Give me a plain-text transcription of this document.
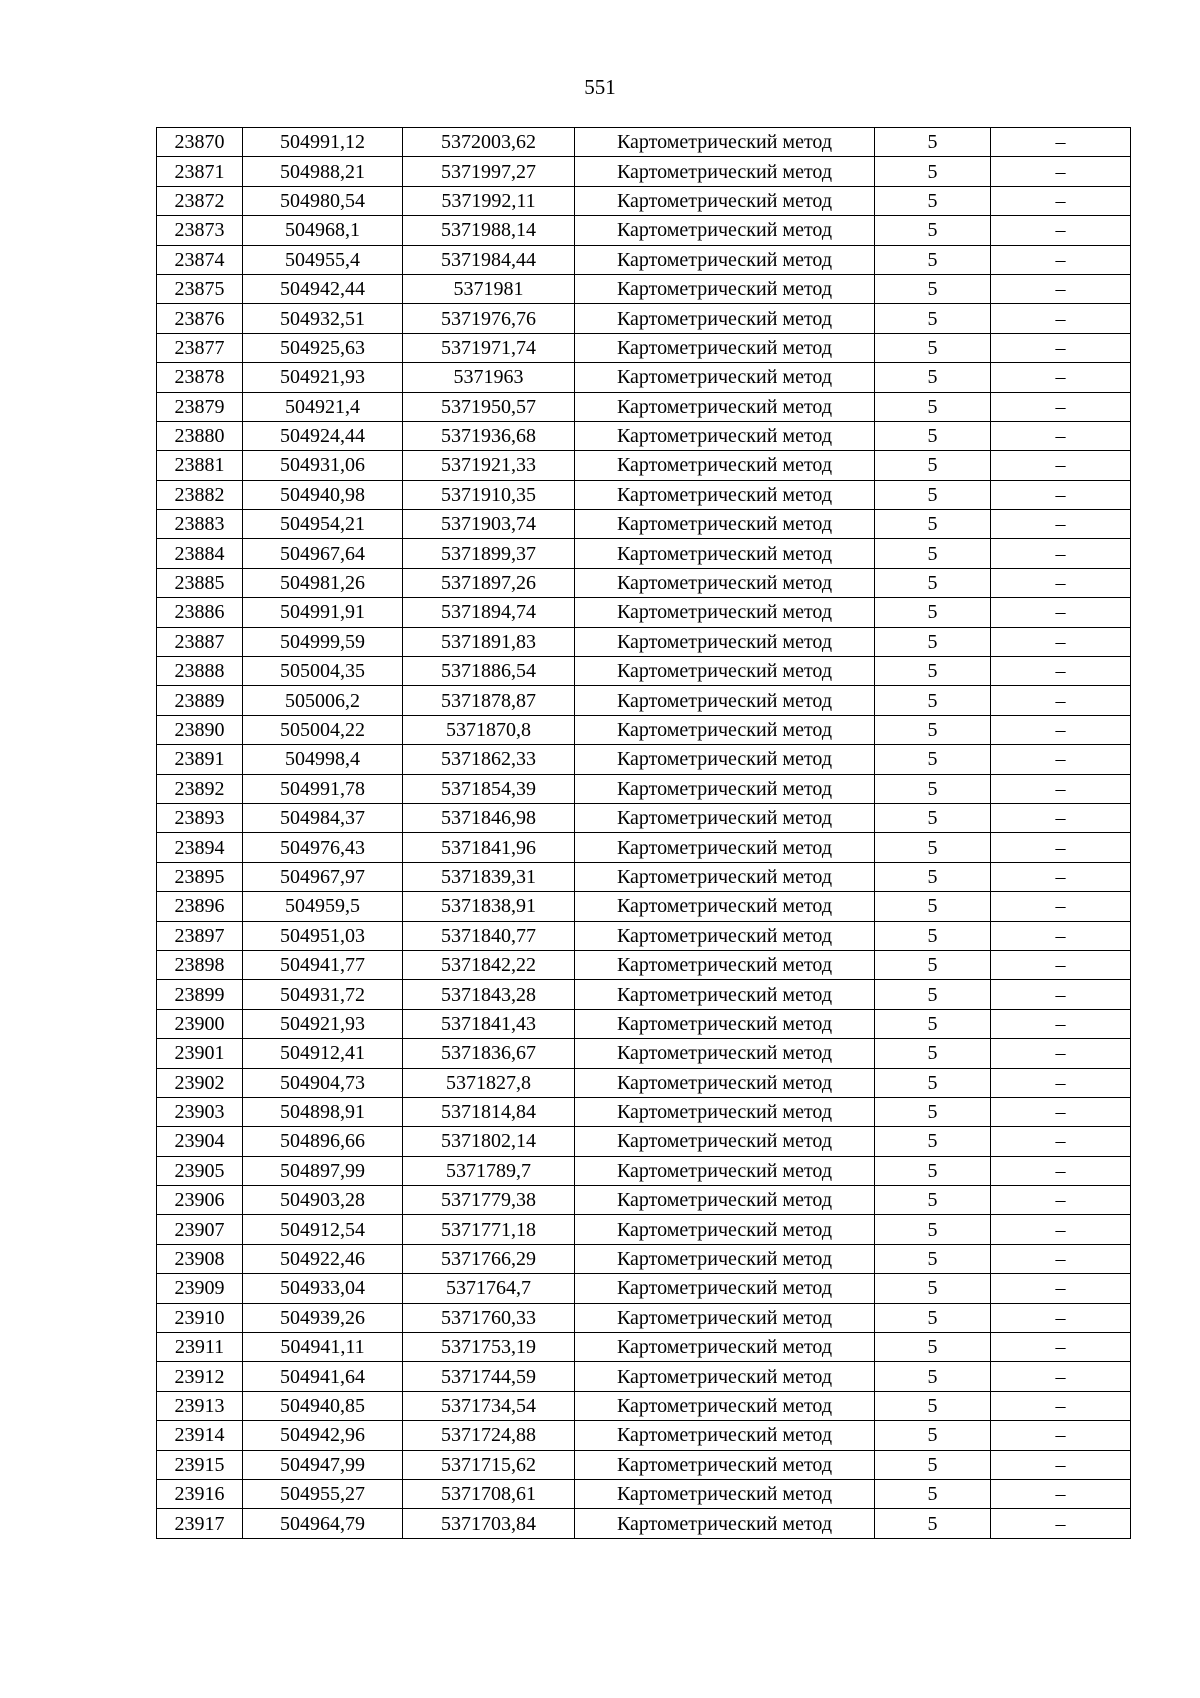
551
23870	504991,12	5372003,62	Картометрический метод	5	–
23871	504988,21	5371997,27	Картометрический метод	5	–
23872	504980,54	5371992,11	Картометрический метод	5	–
23873	504968,1	5371988,14	Картометрический метод	5	–
23874	504955,4	5371984,44	Картометрический метод	5	–
23875	504942,44	5371981	Картометрический метод	5	–
23876	504932,51	5371976,76	Картометрический метод	5	–
23877	504925,63	5371971,74	Картометрический метод	5	–
23878	504921,93	5371963	Картометрический метод	5	–
23879	504921,4	5371950,57	Картометрический метод	5	–
23880	504924,44	5371936,68	Картометрический метод	5	–
23881	504931,06	5371921,33	Картометрический метод	5	–
23882	504940,98	5371910,35	Картометрический метод	5	–
23883	504954,21	5371903,74	Картометрический метод	5	–
23884	504967,64	5371899,37	Картометрический метод	5	–
23885	504981,26	5371897,26	Картометрический метод	5	–
23886	504991,91	5371894,74	Картометрический метод	5	–
23887	504999,59	5371891,83	Картометрический метод	5	–
23888	505004,35	5371886,54	Картометрический метод	5	–
23889	505006,2	5371878,87	Картометрический метод	5	–
23890	505004,22	5371870,8	Картометрический метод	5	–
23891	504998,4	5371862,33	Картометрический метод	5	–
23892	504991,78	5371854,39	Картометрический метод	5	–
23893	504984,37	5371846,98	Картометрический метод	5	–
23894	504976,43	5371841,96	Картометрический метод	5	–
23895	504967,97	5371839,31	Картометрический метод	5	–
23896	504959,5	5371838,91	Картометрический метод	5	–
23897	504951,03	5371840,77	Картометрический метод	5	–
23898	504941,77	5371842,22	Картометрический метод	5	–
23899	504931,72	5371843,28	Картометрический метод	5	–
23900	504921,93	5371841,43	Картометрический метод	5	–
23901	504912,41	5371836,67	Картометрический метод	5	–
23902	504904,73	5371827,8	Картометрический метод	5	–
23903	504898,91	5371814,84	Картометрический метод	5	–
23904	504896,66	5371802,14	Картометрический метод	5	–
23905	504897,99	5371789,7	Картометрический метод	5	–
23906	504903,28	5371779,38	Картометрический метод	5	–
23907	504912,54	5371771,18	Картометрический метод	5	–
23908	504922,46	5371766,29	Картометрический метод	5	–
23909	504933,04	5371764,7	Картометрический метод	5	–
23910	504939,26	5371760,33	Картометрический метод	5	–
23911	504941,11	5371753,19	Картометрический метод	5	–
23912	504941,64	5371744,59	Картометрический метод	5	–
23913	504940,85	5371734,54	Картометрический метод	5	–
23914	504942,96	5371724,88	Картометрический метод	5	–
23915	504947,99	5371715,62	Картометрический метод	5	–
23916	504955,27	5371708,61	Картометрический метод	5	–
23917	504964,79	5371703,84	Картометрический метод	5	–
